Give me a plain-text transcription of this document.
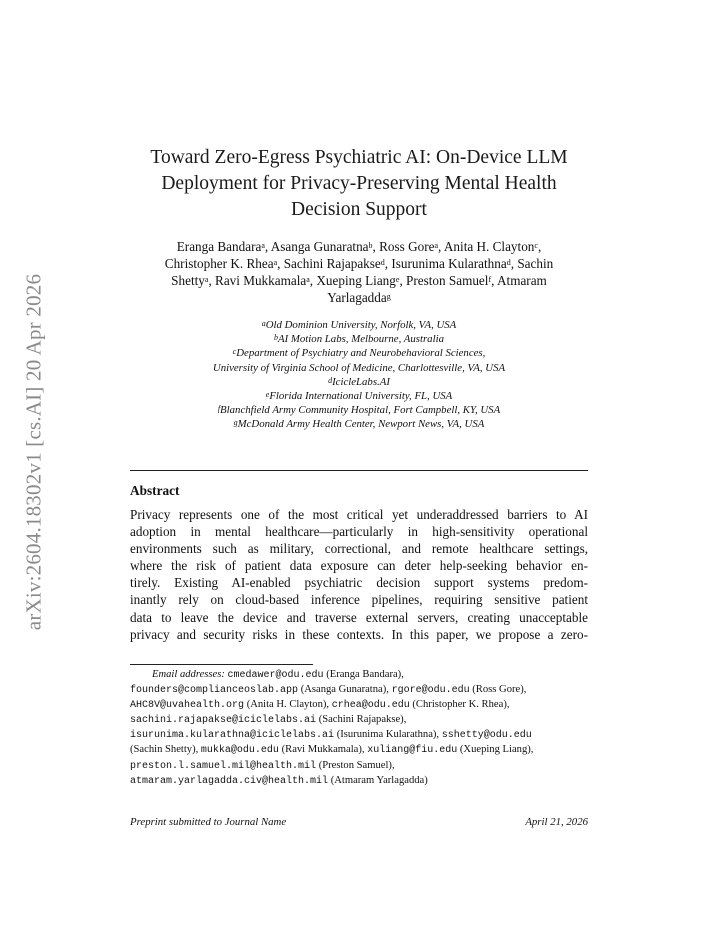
arXiv:2604.18302v1 [cs.AI] 20 Apr 2026
Toward Zero-Egress Psychiatric AI: On-Device LLM
Deployment for Privacy-Preserving Mental Health
Decision Support
Eranga Bandara$^a$, Asanga Gunaratna$^b$, Ross Gore$^a$, Anita H. Clayton$^c$,
Christopher K. Rhea$^a$, Sachini Rajapakse$^d$, Isurunima Kularathna$^d$, Sachin
Shetty$^a$, Ravi Mukkamala$^a$, Xueping Liang$^e$, Preston Samuel$^f$, Atmaram
Yarlagadda$^g$
$^a$Old Dominion University, Norfolk, VA, USA
$^b$AI Motion Labs, Melbourne, Australia
$^c$Department of Psychiatry and Neurobehavioral Sciences,
University of Virginia School of Medicine, Charlottesville, VA, USA
$^d$IcicleLabs.AI
$^e$Florida International University, FL, USA
$^f$Blanchfield Army Community Hospital, Fort Campbell, KY, USA
$^g$McDonald Army Health Center, Newport News, VA, USA
Abstract
Privacy represents one of the most critical yet underaddressed barriers to AI
adoption in mental healthcare—particularly in high-sensitivity operational
environments such as military, correctional, and remote healthcare settings,
where the risk of patient data exposure can deter help-seeking behavior en-
tirely. Existing AI-enabled psychiatric decision support systems predom-
inantly rely on cloud-based inference pipelines, requiring sensitive patient
data to leave the device and traverse external servers, creating unacceptable
privacy and security risks in these contexts. In this paper, we propose a zero-
Email addresses: cmedawer@odu.edu (Eranga Bandara),
founders@complianceoslab.app (Asanga Gunaratna), rgore@odu.edu (Ross Gore),
AHC8V@uvahealth.org (Anita H. Clayton), crhea@odu.edu (Christopher K. Rhea),
sachini.rajapakse@iciclelabs.ai (Sachini Rajapakse),
isurunima.kularathna@iciclelabs.ai (Isurunima Kularathna), sshetty@odu.edu
(Sachin Shetty), mukka@odu.edu (Ravi Mukkamala), xuliang@fiu.edu (Xueping Liang),
preston.l.samuel.mil@health.mil (Preston Samuel),
atmaram.yarlagadda.civ@health.mil (Atmaram Yarlagadda)
Preprint submitted to Journal Name	April 21, 2026
